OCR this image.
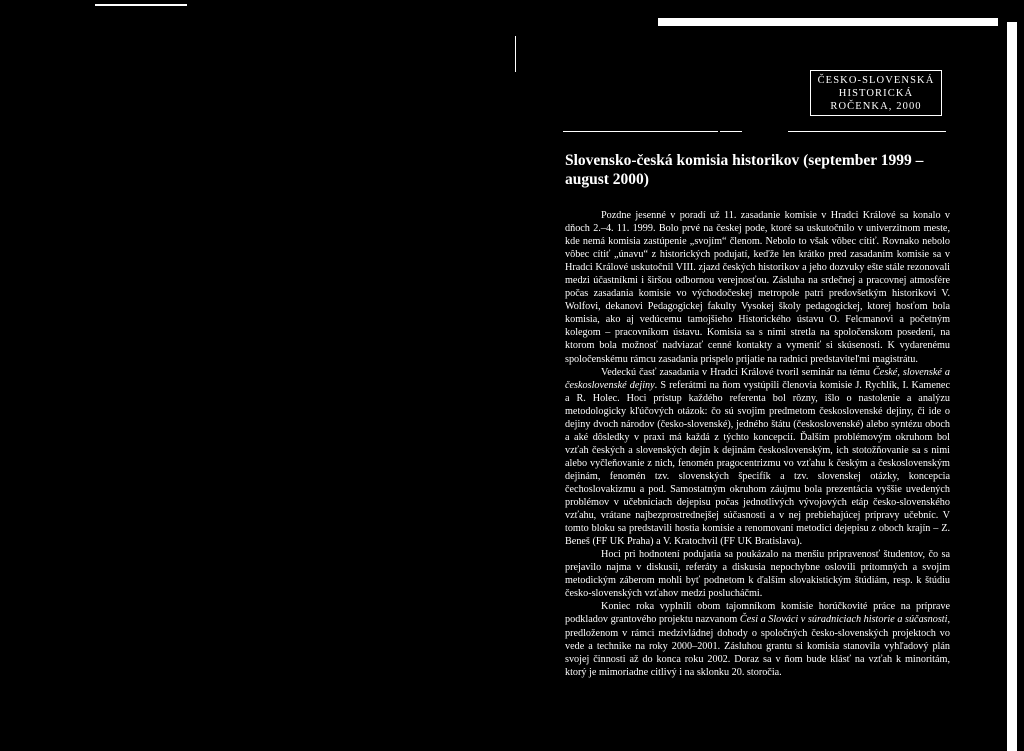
ČESKO-SLOVENSKÁ
HISTORICKÁ
ROČENKA, 2000
Slovensko-česká komisia historikov (september 1999 – august 2000)

Pozdne jesenné v poradí už 11. zasadanie komisie v Hradci Králové sa konalo v dňoch 2.–4. 11. 1999. Bolo prvé na českej pode, ktoré sa uskutočnilo v univerzitnom meste, kde nemá komisia zastúpenie „svojím“ členom. Nebolo to však vôbec cítiť. Rovnako nebolo vôbec cítiť „únavu“ z historických podujatí, keďže len krátko pred zasadaním komisie sa v Hradci Králové uskutočnil VIII. zjazd českých historikov a jeho dozvuky ešte stále rezonovali medzi účastníkmi i širšou odbornou verejnosťou. Zásluha na srdečnej a pracovnej atmosfére počas zasadania komisie vo východočeskej metropole patrí predovšetkým historikovi V. Wolfovi, dekanovi Pedagogickej fakulty Vysokej školy pedagogickej, ktorej hosťom bola komisia, ako aj vedúcemu tamojšieho Historického ústavu O. Felcmanovi a početným kolegom – pracovníkom ústavu. Komisia sa s nimi stretla na spoločenskom posedení, na ktorom bola možnosť nadviazať cenné kontakty a vymeniť si skúsenosti. K vydarenému spoločenskému rámcu zasadania prispelo prijatie na radnici predstaviteľmi magistrátu.

Vedeckú časť zasadania v Hradci Králové tvoril seminár na tému České, slovenské a československé dejiny. S referátmi na ňom vystúpili členovia komisie J. Rychlík, I. Kamenec a R. Holec. Hoci prístup každého referenta bol rôzny, išlo o nastolenie a analýzu metodologicky kľúčových otázok: čo sú svojim predmetom československé dejiny, či ide o dejiny dvoch národov (česko-slovenské), jedného štátu (československé) alebo syntézu oboch a aké dôsledky v praxi má každá z týchto koncepcií. Ďalším problémovým okruhom bol vzťah českých a slovenských dejín k dejinám československým, ich stotožňovanie sa s nimi alebo vyčleňovanie z nich, fenomén pragocentrizmu vo vzťahu k českým a československým dejinám, fenomén tzv. slovenských špecifík a tzv. slovenskej otázky, koncepcia čechoslovakizmu a pod. Samostatným okruhom záujmu bola prezentácia vyššie uvedených problémov v učebniciach dejepisu počas jednotlivých vývojových etáp česko-slovenského vzťahu, vrátane najbezprostrednejšej súčasnosti a v nej prebiehajúcej prípravy učebníc. V tomto bloku sa predstavili hostia komisie a renomovaní metodici dejepisu z oboch krajín – Z. Beneš (FF UK Praha) a V. Kratochvil (FF UK Bratislava).

Hoci pri hodnotení podujatia sa poukázalo na menšiu pripravenosť študentov, čo sa prejavilo najma v diskusii, referáty a diskusia nepochybne oslovili prítomných a svojim metodickým záberom mohli byť podnetom k ďalším slovakistickým štúdiám, resp. k štúdiu česko-slovenských vzťahov medzi poslucháčmi.

Koniec roka vyplnili obom tajomníkom komisie horúčkovité práce na príprave podkladov grantového projektu nazvanom Česi a Slováci v súradniciach historie a súčasnosti, predloženom v rámci medzivládnej dohody o spoločných česko-slovenských projektoch vo vede a technike na roky 2000–2001. Zásluhou grantu si komisia stanovila vyhľadový plán svojej činnosti až do konca roku 2002. Doraz sa v ňom bude klásť na vzťah k minoritám, ktorý je mimoriadne citlivý i na sklonku 20. storočia.
